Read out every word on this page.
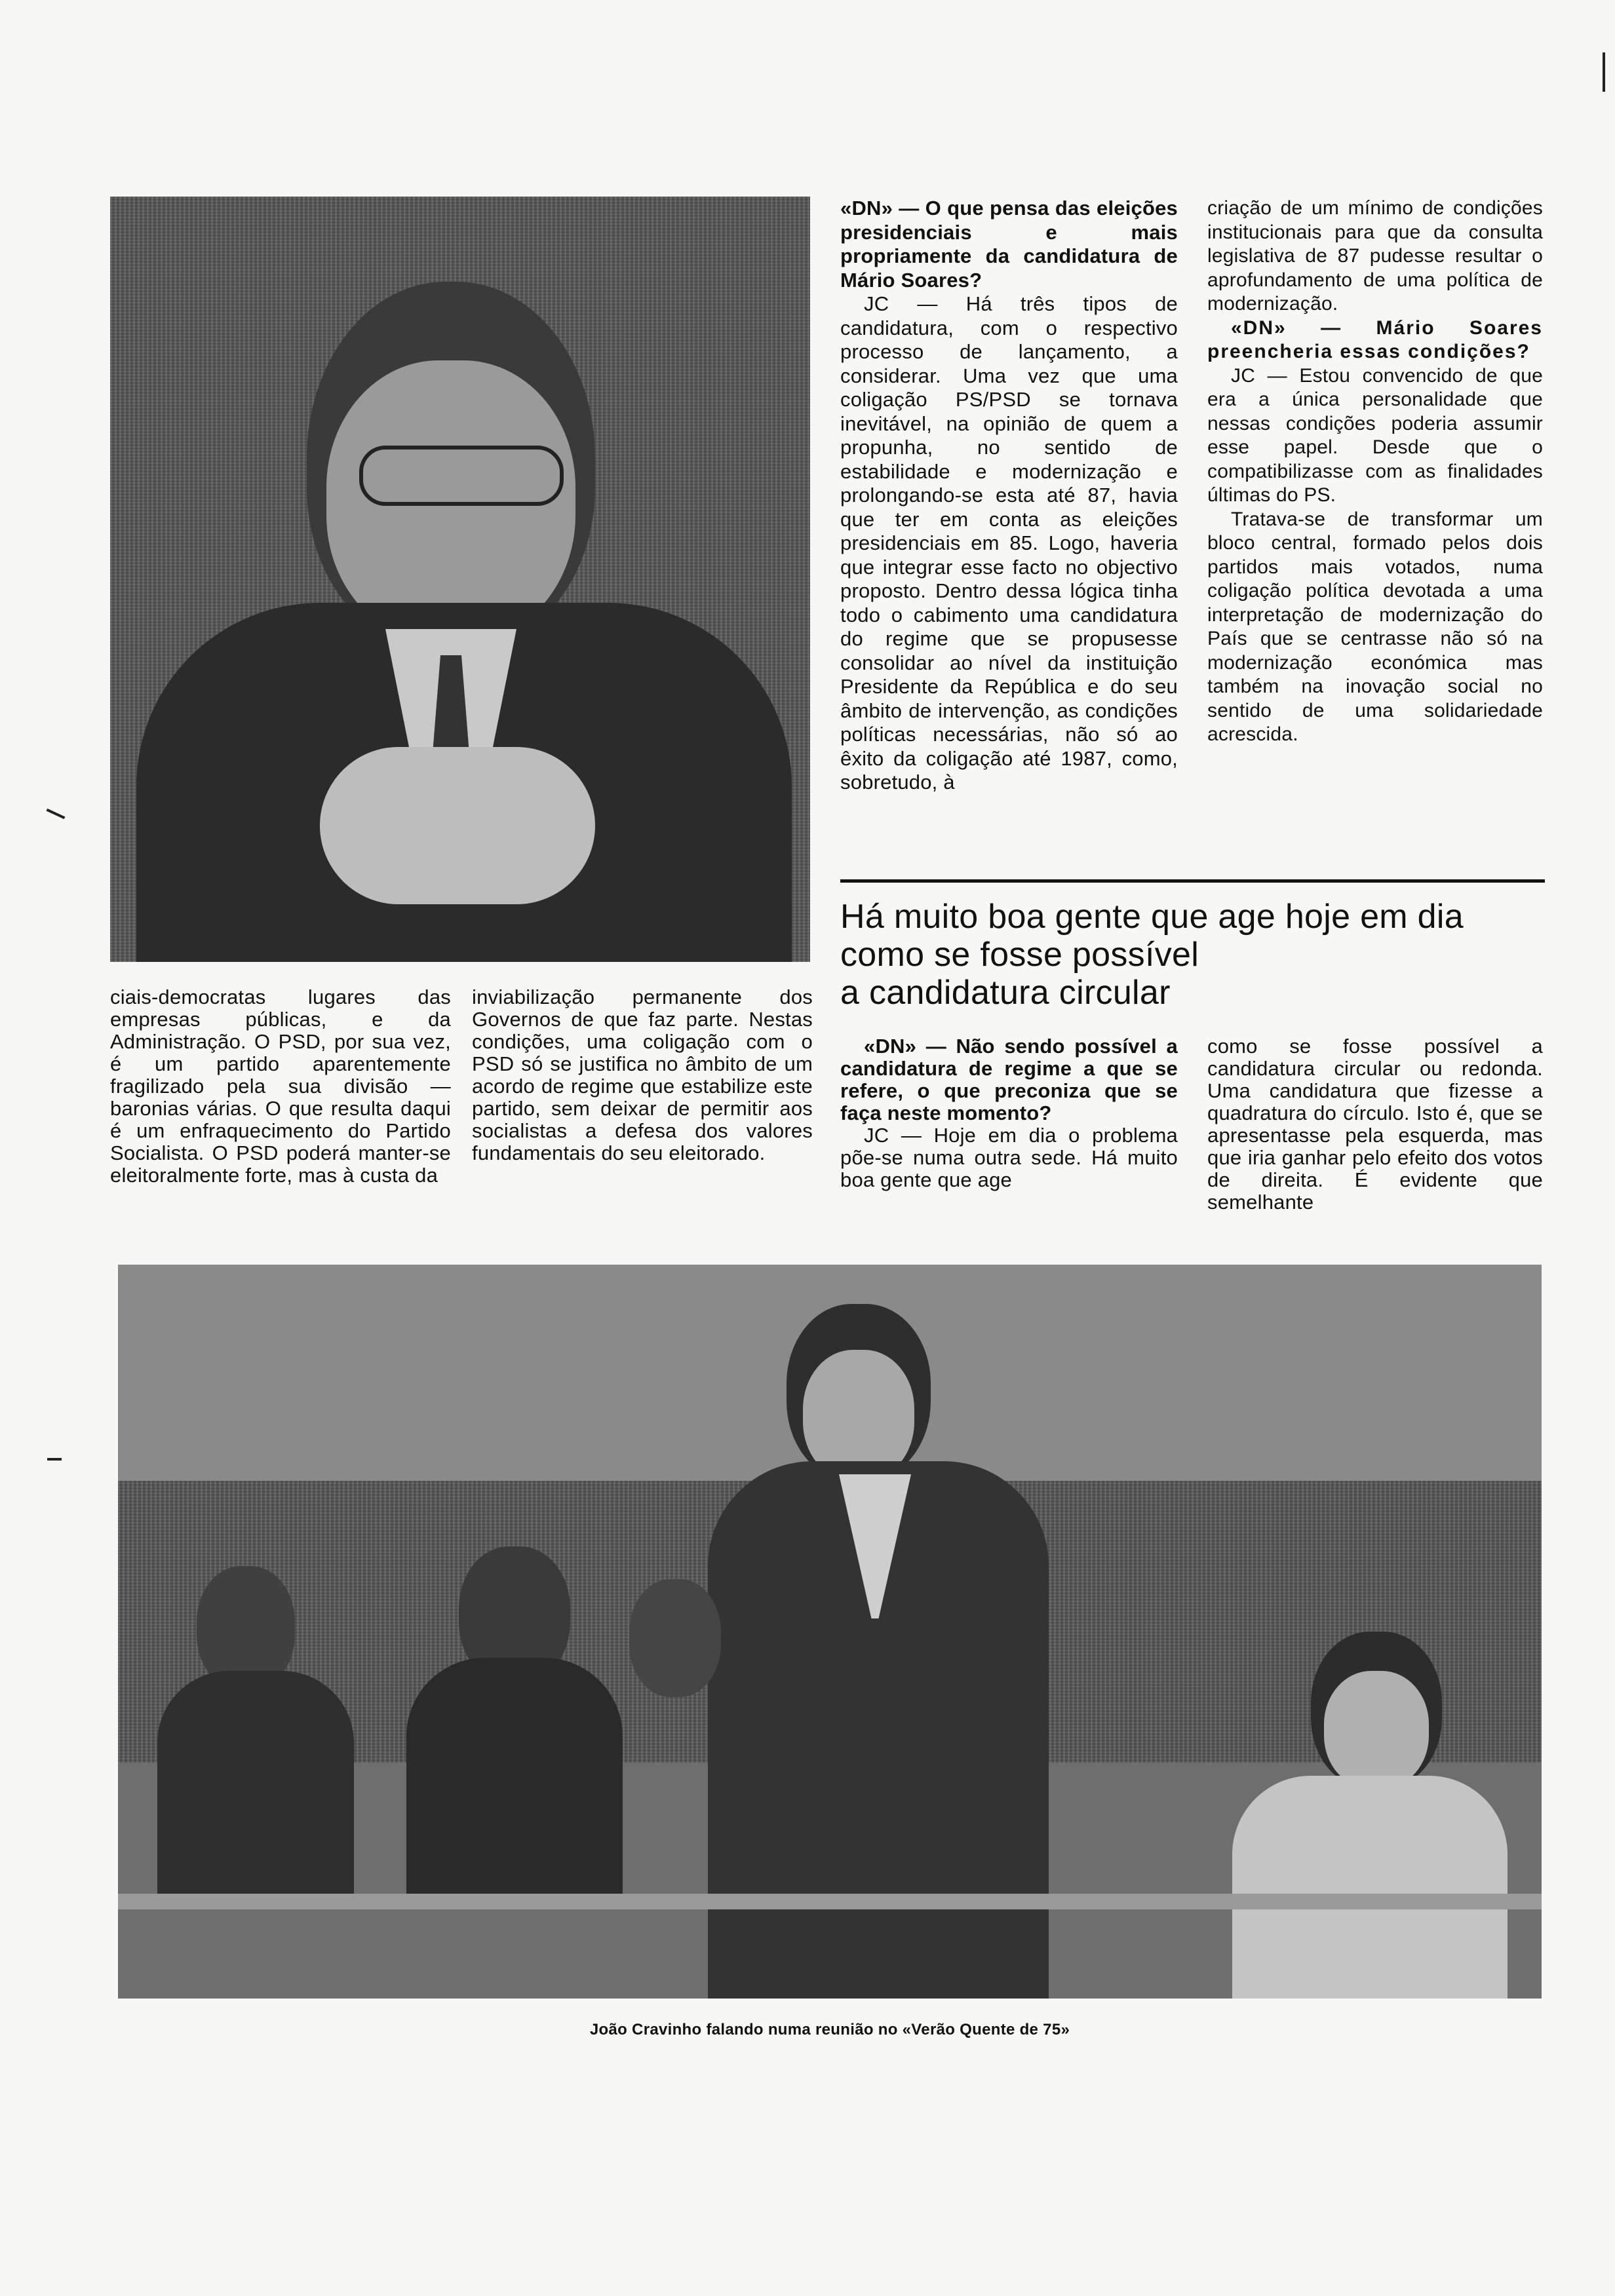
«DN» — O que pensa das eleições presidenciais e mais propriamente da candidatura de Mário Soares?

JC — Há três tipos de candidatura, com o respectivo processo de lançamento, a considerar. Uma vez que uma coligação PS/PSD se tornava inevitável, na opinião de quem a propunha, no sentido de estabilidade e modernização e prolongando-se esta até 87, havia que ter em conta as eleições presidenciais em 85. Logo, haveria que integrar esse facto no objectivo proposto. Dentro dessa lógica tinha todo o cabimento uma candidatura do regime que se propusesse consolidar ao nível da instituição Presidente da República e do seu âmbito de intervenção, as condições políticas necessárias, não só ao êxito da coligação até 1987, como, sobretudo, à

criação de um mínimo de condições institucionais para que da consulta legislativa de 87 pudesse resultar o aprofundamento de uma política de modernização.

«DN» — Mário Soares preencheria essas condições?

JC — Estou convencido de que era a única personalidade que nessas condições poderia assumir esse papel. Desde que o compatibilizasse com as finalidades últimas do PS.

Tratava-se de transformar um bloco central, formado pelos dois partidos mais votados, numa coligação política devotada a uma interpretação de modernização do País que se centrasse não só na modernização económica mas também na inovação social no sentido de uma solidariedade acrescida.

Há muito boa gente que age hoje em dia
como se fosse possível
a candidatura circular

ciais-democratas lugares das empresas públicas, e da Administração. O PSD, por sua vez, é um partido aparentemente fragilizado pela sua divisão — baronias várias. O que resulta daqui é um enfraquecimento do Partido Socialista. O PSD poderá manter-se eleitoralmente forte, mas à custa da

inviabilização permanente dos Governos de que faz parte. Nestas condições, uma coligação com o PSD só se justifica no âmbito de um acordo de regime que estabilize este partido, sem deixar de permitir aos socialistas a defesa dos valores fundamentais do seu eleitorado.

«DN» — Não sendo possível a candidatura de regime a que se refere, o que preconiza que se faça neste momento?

JC — Hoje em dia o problema põe-se numa outra sede. Há muito boa gente que age

como se fosse possível a candidatura circular ou redonda. Uma candidatura que fizesse a quadratura do círculo. Isto é, que se apresentasse pela esquerda, mas que iria ganhar pelo efeito dos votos de direita. É evidente que semelhante

João Cravinho falando numa reunião no «Verão Quente de 75»
